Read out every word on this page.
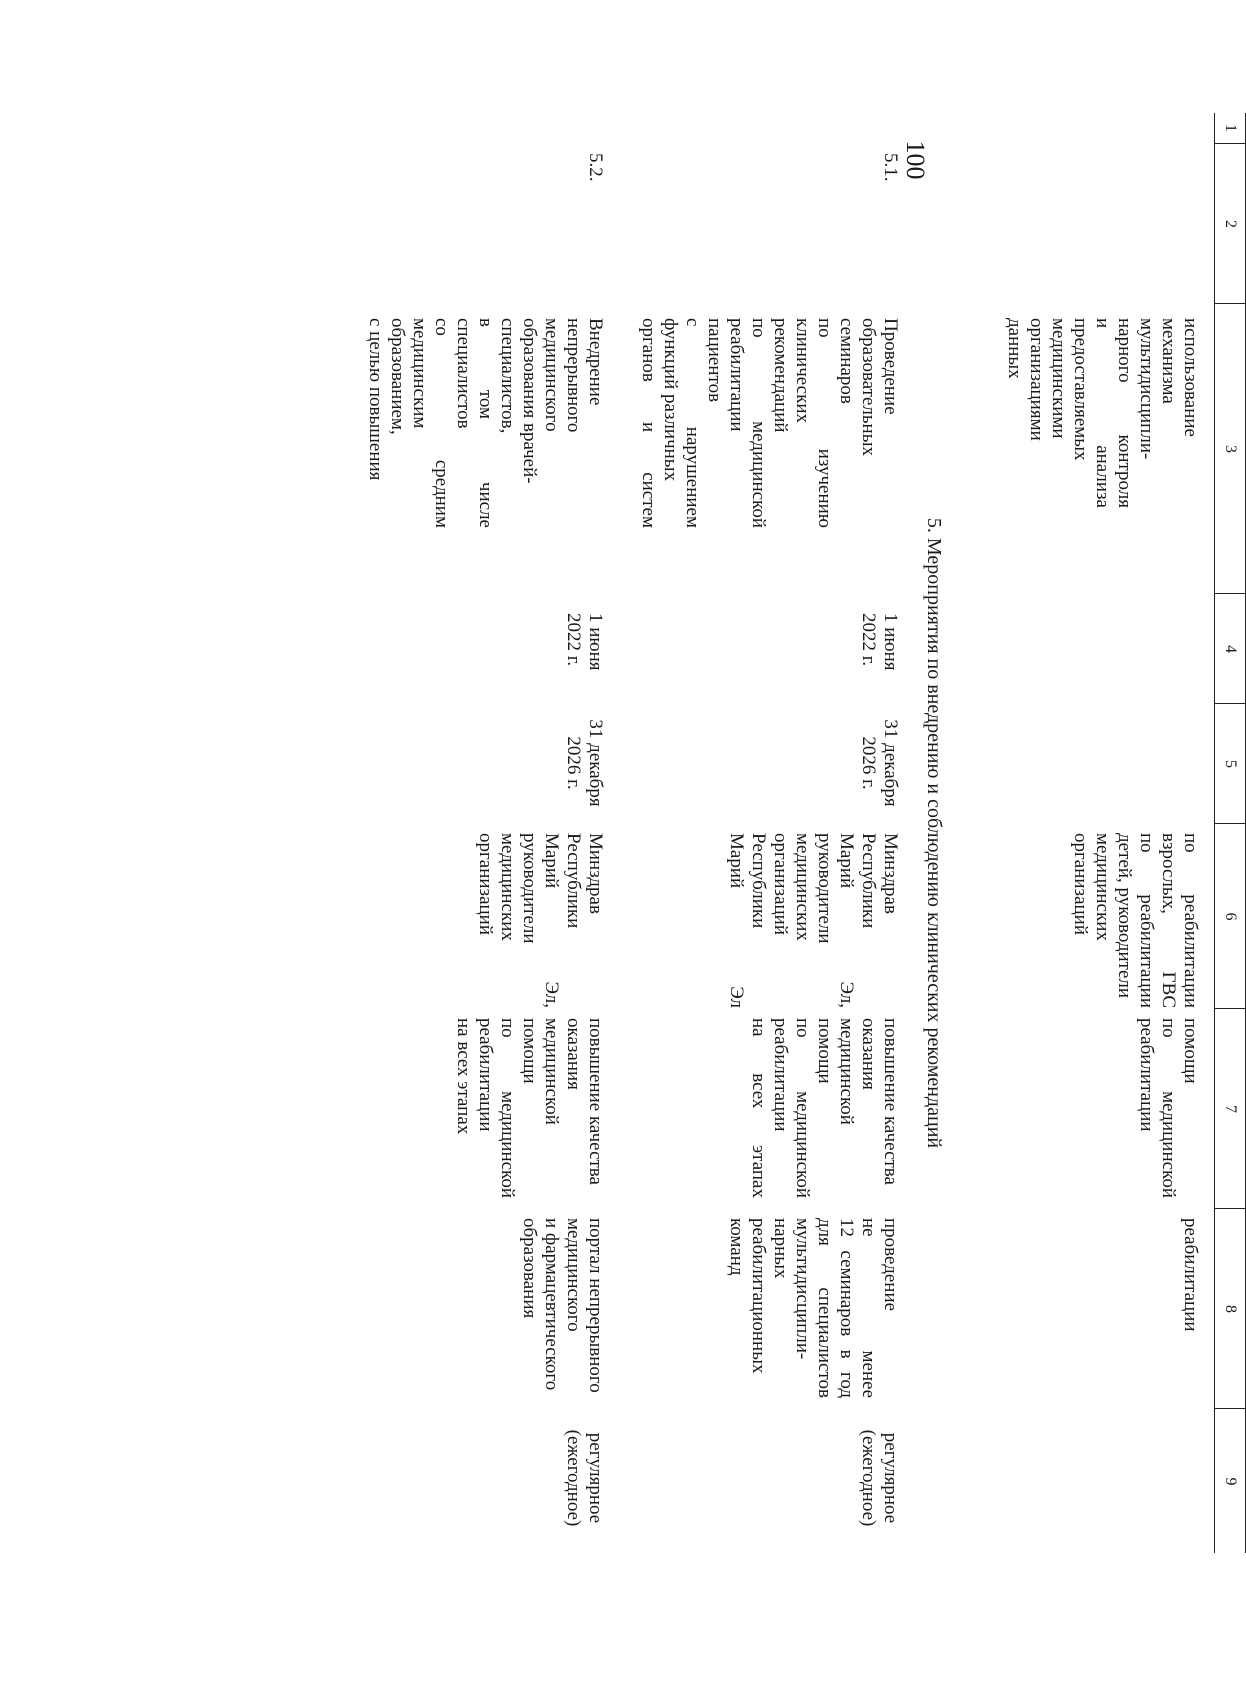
100
1
2
3
4
5
6
7
8
9
использование
механизма
мультидисципли-
нарного контроля
и анализа
предоставляемых
медицинскими
организациями
данных
по реабилитации
взрослых, ГВС
по реабилитации
детей, руководители
медицинских
организаций
помощи
по медицинской
реабилитации
реабилитации
5. Мероприятия по внедрению и соблюдению клинических рекомендаций
5.1.
Проведение
образовательных
семинаров
по изучению
клинических
рекомендаций
по медицинской
реабилитации
пациентов
с нарушением
функций различных
органов и систем
1 июня
2022 г.
31 декабря
2026 г.
Минздрав
Республики
Марий Эл,
руководители
медицинских
организаций
Республики
Марий Эл
повышение качества
оказания
медицинской
помощи
по медицинской
реабилитации
на всех этапах
проведение
не менее
12 семинаров в год
для специалистов
мультидисципли-
нарных
реабилитационных
команд
регулярное
(ежегодное)
5.2.
Внедрение
непрерывного
медицинского
образования врачей-
специалистов,
в том числе
специалистов
со средним
медицинским
образованием,
с целью повышения
1 июня
2022 г.
31 декабря
2026 г.
Минздрав
Республики
Марий Эл,
руководители
медицинских
организаций
повышение качества
оказания
медицинской
помощи
по медицинской
реабилитации
на всех этапах
портал непрерывного
медицинского
и фармацевтического
образования
регулярное
(ежегодное)
